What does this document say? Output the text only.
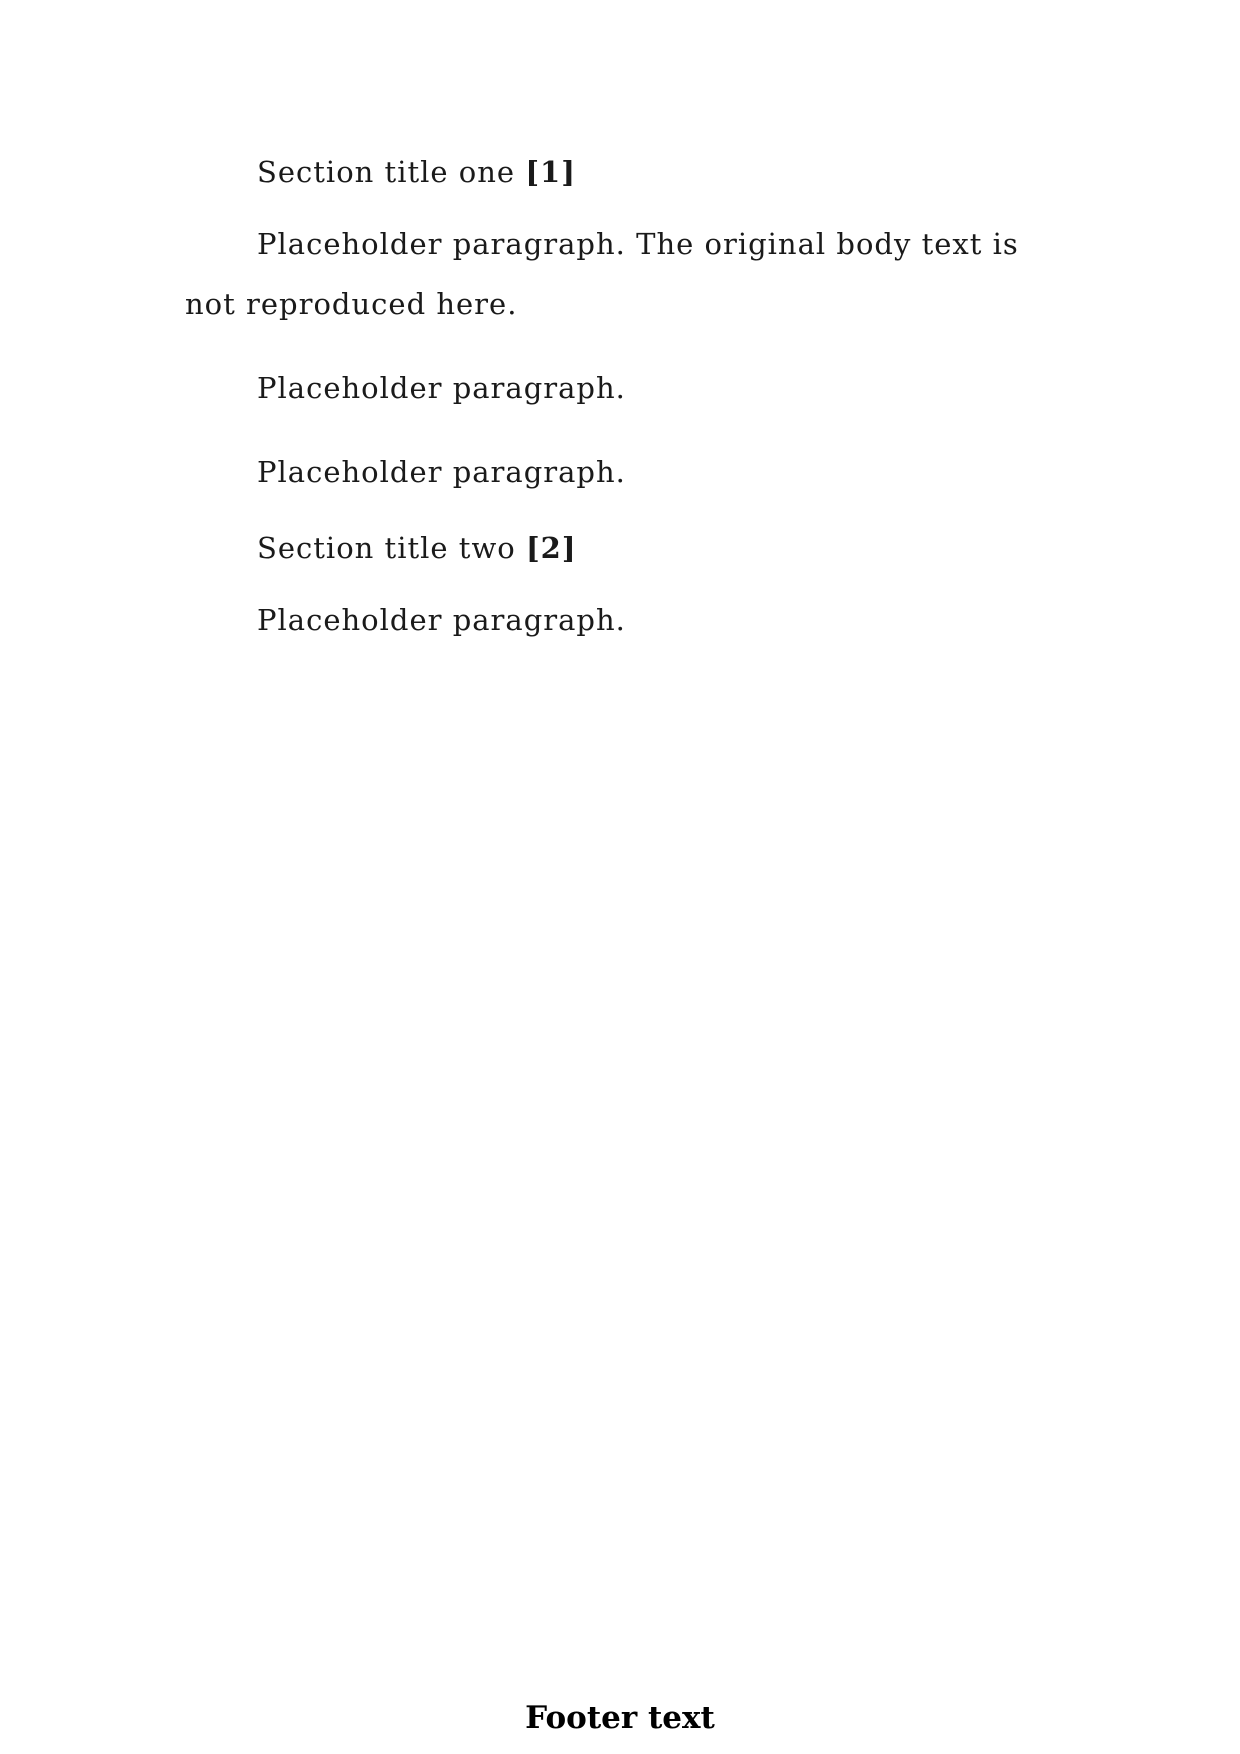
Section title one [1]

Placeholder paragraph. The original body text is not reproduced here.

Placeholder paragraph.

Placeholder paragraph.

Section title two [2]

Placeholder paragraph.

Footer text
